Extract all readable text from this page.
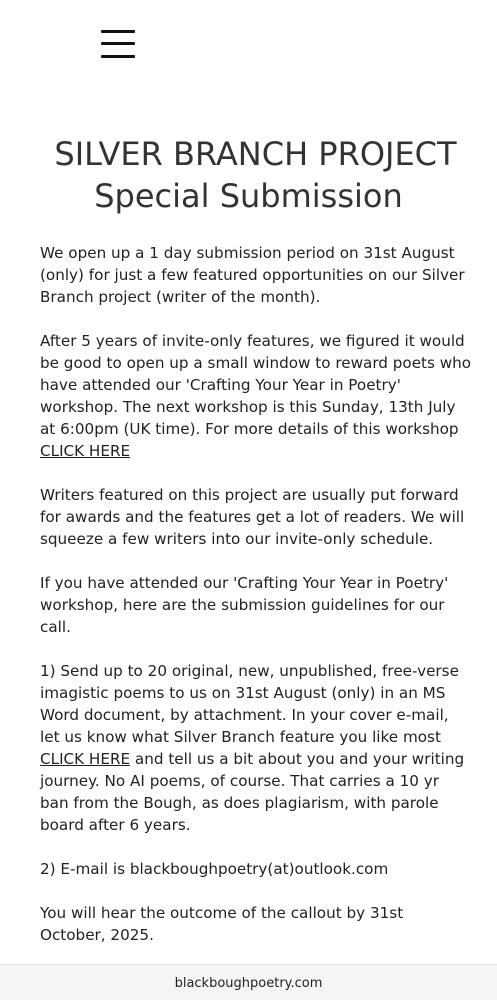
SILVER BRANCH PROJECT
Special Submission

We open up a 1 day submission period on 31st August (only) for just a few featured opportunities on our Silver Branch project (writer of the month).

After 5 years of invite-only features, we figured it would be good to open up a small window to reward poets who have attended our 'Crafting Your Year in Poetry' workshop. The next workshop is this Sunday, 13th July at 6:00pm (UK time). For more details of this workshop CLICK HERE

Writers featured on this project are usually put forward for awards and the features get a lot of readers. We will squeeze a few writers into our invite-only schedule.

If you have attended our 'Crafting Your Year in Poetry' workshop, here are the submission guidelines for our call.

1) Send up to 20 original, new, unpublished, free-verse imagistic poems to us on 31st August (only) in an MS Word document, by attachment. In your cover e-mail, let us know what Silver Branch feature you like most CLICK HERE and tell us a bit about you and your writing journey. No AI poems, of course. That carries a 10 yr ban from the Bough, as does plagiarism, with parole board after 6 years.

2) E-mail is blackboughpoetry(at)outlook.com

You will hear the outcome of the callout by 31st October, 2025.

blackboughpoetry.com
